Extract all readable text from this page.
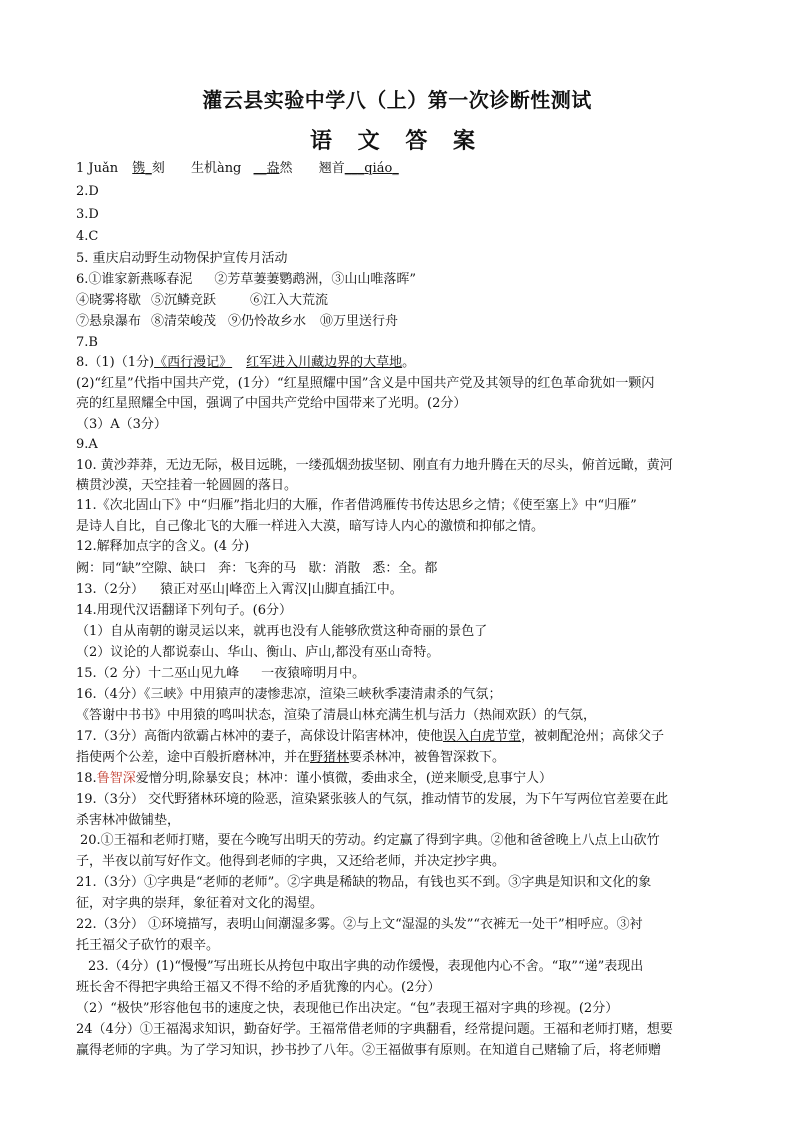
灌云县实验中学八（上）第一次诊断性测试
语 文 答 案
1 Juǎn 镌_刻 生机àng __盎然 翘首___qiáo_
2.D
3.D
4.C
5. 重庆启动野生动物保护宣传月活动
6.①谁家新燕啄春泥 ②芳草萋萋鹦鹉洲，③山山唯落晖”
④晓雾将歇 ⑤沉鳞竞跃	⑥江入大荒流
⑦悬泉瀑布 ⑧清荣峻茂 ⑨仍怜故乡水 ⑩万里送行舟
7.B
8.（1)（1分)《西行漫记》 红军进入川藏边界的大草地。
(2)“红星”代指中国共产党，(1分）“红星照耀中国”含义是中国共产党及其领导的红色革命犹如一颗闪
亮的红星照耀全中国，强调了中国共产党给中国带来了光明。(2分）
（3）A（3分）
9.A
10. 黄沙莽莽，无边无际，极目远眺，一缕孤烟劲拔坚韧、刚直有力地升腾在天的尽头，俯首远瞰，黄河
横贯沙漠，天空挂着一轮圆圆的落日。
11.《次北固山下》中“归雁”指北归的大雁，作者借鸿雁传书传达思乡之情；《使至塞上》中“归雁”
是诗人自比，自己像北飞的大雁一样进入大漠，暗写诗人内心的激愤和抑郁之情。
12.解释加点字的含义。(4 分)
阙：同“缺”空隙、缺口 奔：飞奔的马 歇：消散 悉：全。都
13.（2分） 猿正对巫山|峰峦上入霄汉|山脚直插江中。
14.用现代汉语翻译下列句子。(6分）
（1）自从南朝的谢灵运以来，就再也没有人能够欣赏这种奇丽的景色了
（2）议论的人都说泰山、华山、衡山、庐山,都没有巫山奇特。
15.（2 分）十二巫山见九峰 一夜猿啼明月中。
16.（4分）《三峡》中用猿声的凄惨悲凉，渲染三峡秋季凄清肃杀的气氛；
《答谢中书书》中用猿的鸣叫状态，渲染了清晨山林充满生机与活力（热闹欢跃）的气氛，
17.（3分）高衙内欲霸占林冲的妻子，高俅设计陷害林冲，使他误入白虎节堂，被刺配沧州；高俅父子
指使两个公差，途中百般折磨林冲，并在野猪林要杀林冲，被鲁智深救下。
18.鲁智深爱憎分明,除暴安良；林冲：谨小慎微，委曲求全，(逆来顺受,息事宁人）
19.（3分） 交代野猪林环境的险恶，渲染紧张骇人的气氛，推动情节的发展，为下午写两位官差要在此
杀害林冲做铺垫，
20.①王福和老师打赌，要在今晚写出明天的劳动。约定赢了得到字典。②他和爸爸晚上八点上山砍竹
子，半夜以前写好作文。他得到老师的字典，又还给老师，并决定抄字典。
21.（3分）①字典是“老师的老师”。②字典是稀缺的物品，有钱也买不到。③字典是知识和文化的象
征，对字典的崇拜，象征着对文化的渴望。
22.（3分） ①环境描写，表明山间潮湿多雾。②与上文“湿湿的头发”“衣裤无一处干”相呼应。③衬
托王福父子砍竹的艰辛。
23.（4分）(1)“慢慢”写出班长从挎包中取出字典的动作缓慢，表现他内心不舍。“取”“递”表现出
班长舍不得把字典给王福又不得不给的矛盾犹豫的内心。(2分）
（2）“极快”形容他包书的速度之快，表现他已作出决定。“包”表现王福对字典的珍视。(2分）
24（4分）①王福渴求知识，勤奋好学。王福常借老师的字典翻看，经常提问题。王福和老师打赌，想要
赢得老师的字典。为了学习知识，抄书抄了八年。②王福做事有原则。在知道自己赌输了后，将老师赠
